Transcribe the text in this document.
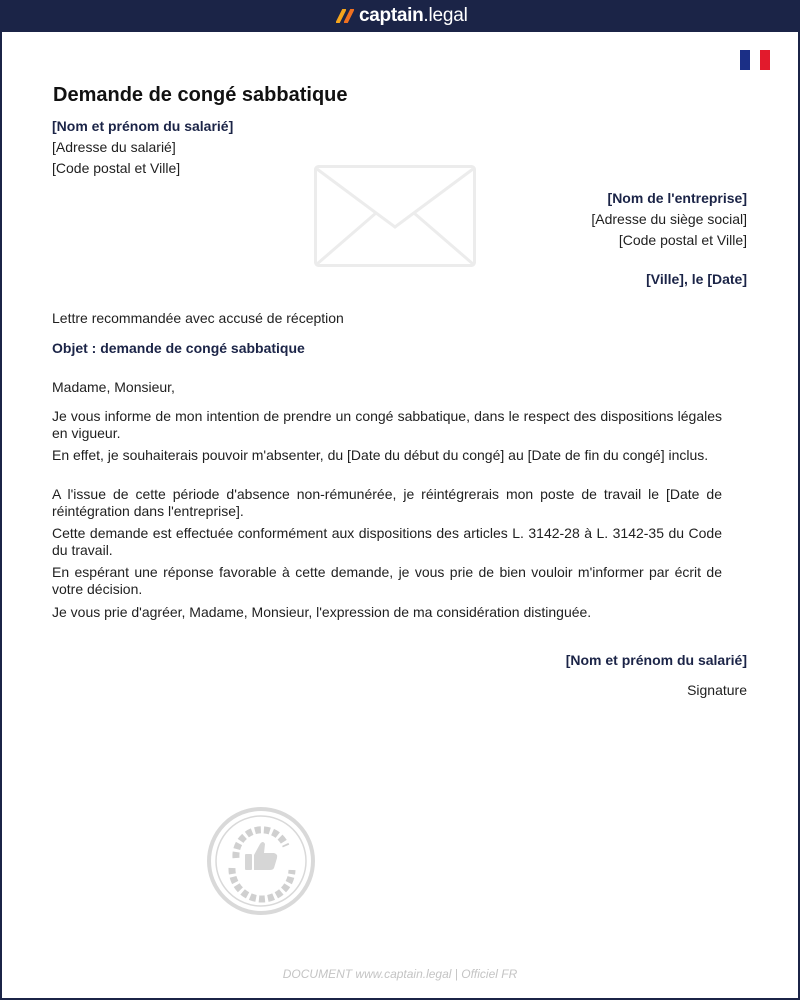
captain .legal
Demande de congé sabbatique

[Nom et prénom du salarié]

[Adresse du salarié]

[Code postal et Ville]

[Nom de l'entreprise]

[Adresse du siège social]

[Code postal et Ville]

[Ville], le [Date]

Lettre recommandée avec accusé de réception

Objet : demande de congé sabbatique

Madame, Monsieur,

Je vous informe de mon intention de prendre un congé sabbatique, dans le respect des dispositions légales en vigueur.

En effet, je souhaiterais pouvoir m'absenter, du [Date du début du congé] au [Date de fin du congé] inclus.

A l'issue de cette période d'absence non-rémunérée, je réintégrerais mon poste de travail le [Date de réintégration dans l'entreprise].

Cette demande est effectuée conformément aux dispositions des articles L. 3142-28 à L. 3142-35 du Code du travail.

En espérant une réponse favorable à cette demande, je vous prie de bien vouloir m'informer par écrit de votre décision.

Je vous prie d'agréer, Madame, Monsieur, l'expression de ma considération distinguée.

[Nom et prénom du salarié]

Signature

DOCUMENT www.captain.legal | Officiel FR
